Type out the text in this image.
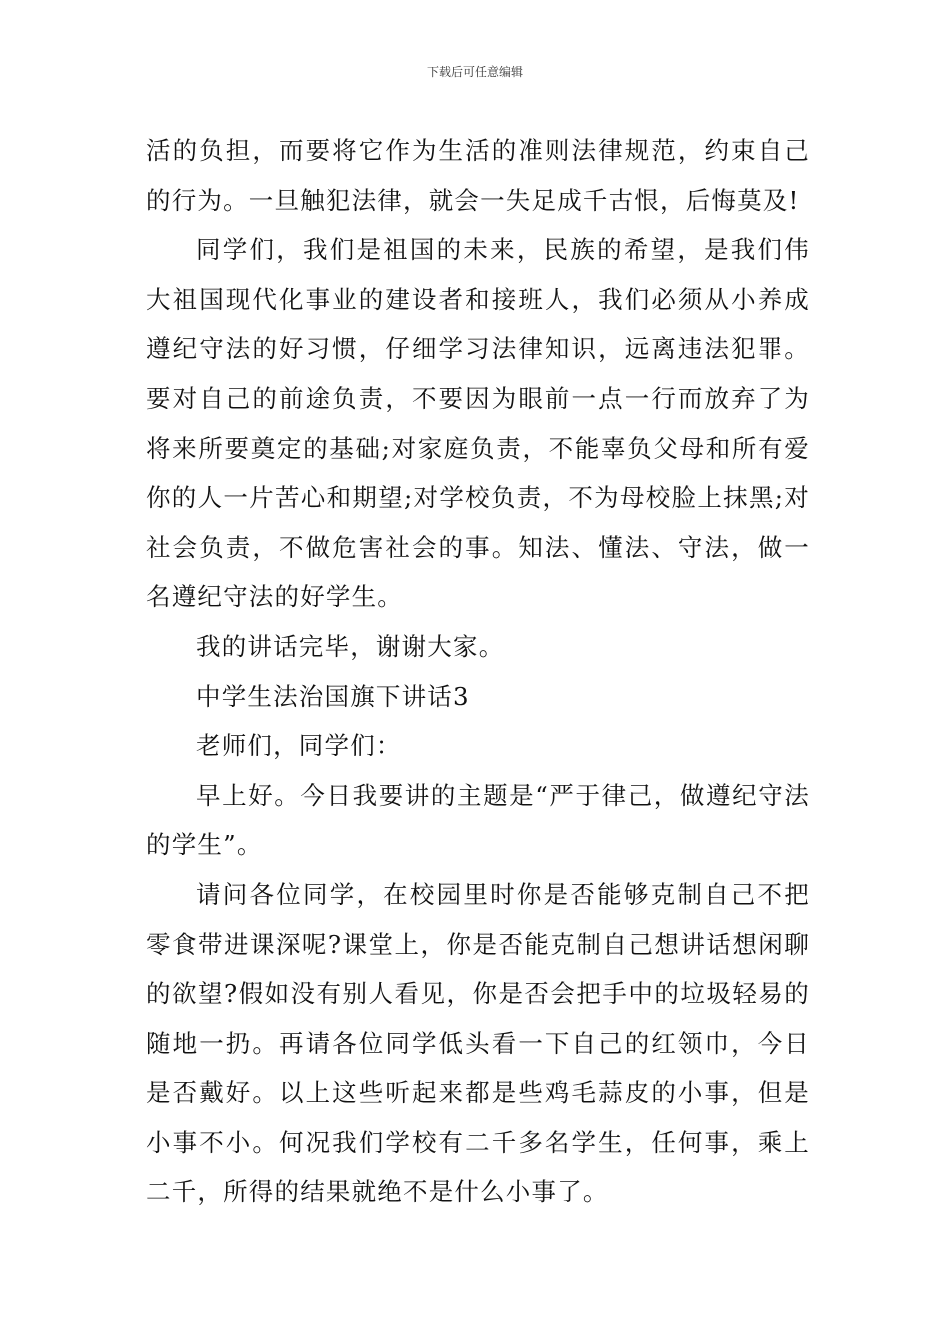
下载后可任意编辑

活的负担，而要将它作为生活的准则法律规范，约束自己的行为。一旦触犯法律，就会一失足成千古恨，后悔莫及!

同学们，我们是祖国的未来，民族的希望，是我们伟大祖国现代化事业的建设者和接班人，我们必须从小养成遵纪守法的好习惯，仔细学习法律知识，远离违法犯罪。要对自己的前途负责，不要因为眼前一点一行而放弃了为将来所要奠定的基础;对家庭负责，不能辜负父母和所有爱你的人一片苦心和期望;对学校负责，不为母校脸上抹黑;对社会负责，不做危害社会的事。知法、懂法、守法，做一名遵纪守法的好学生。

我的讲话完毕，谢谢大家。

中学生法治国旗下讲话3

老师们，同学们：

早上好。今日我要讲的主题是“严于律己，做遵纪守法的学生”。

请问各位同学，在校园里时你是否能够克制自己不把零食带进课深呢?课堂上，你是否能克制自己想讲话想闲聊的欲望?假如没有别人看见，你是否会把手中的垃圾轻易的随地一扔。再请各位同学低头看一下自己的红领巾，今日是否戴好。以上这些听起来都是些鸡毛蒜皮的小事，但是小事不小。何况我们学校有二千多名学生，任何事，乘上二千，所得的结果就绝不是什么小事了。
